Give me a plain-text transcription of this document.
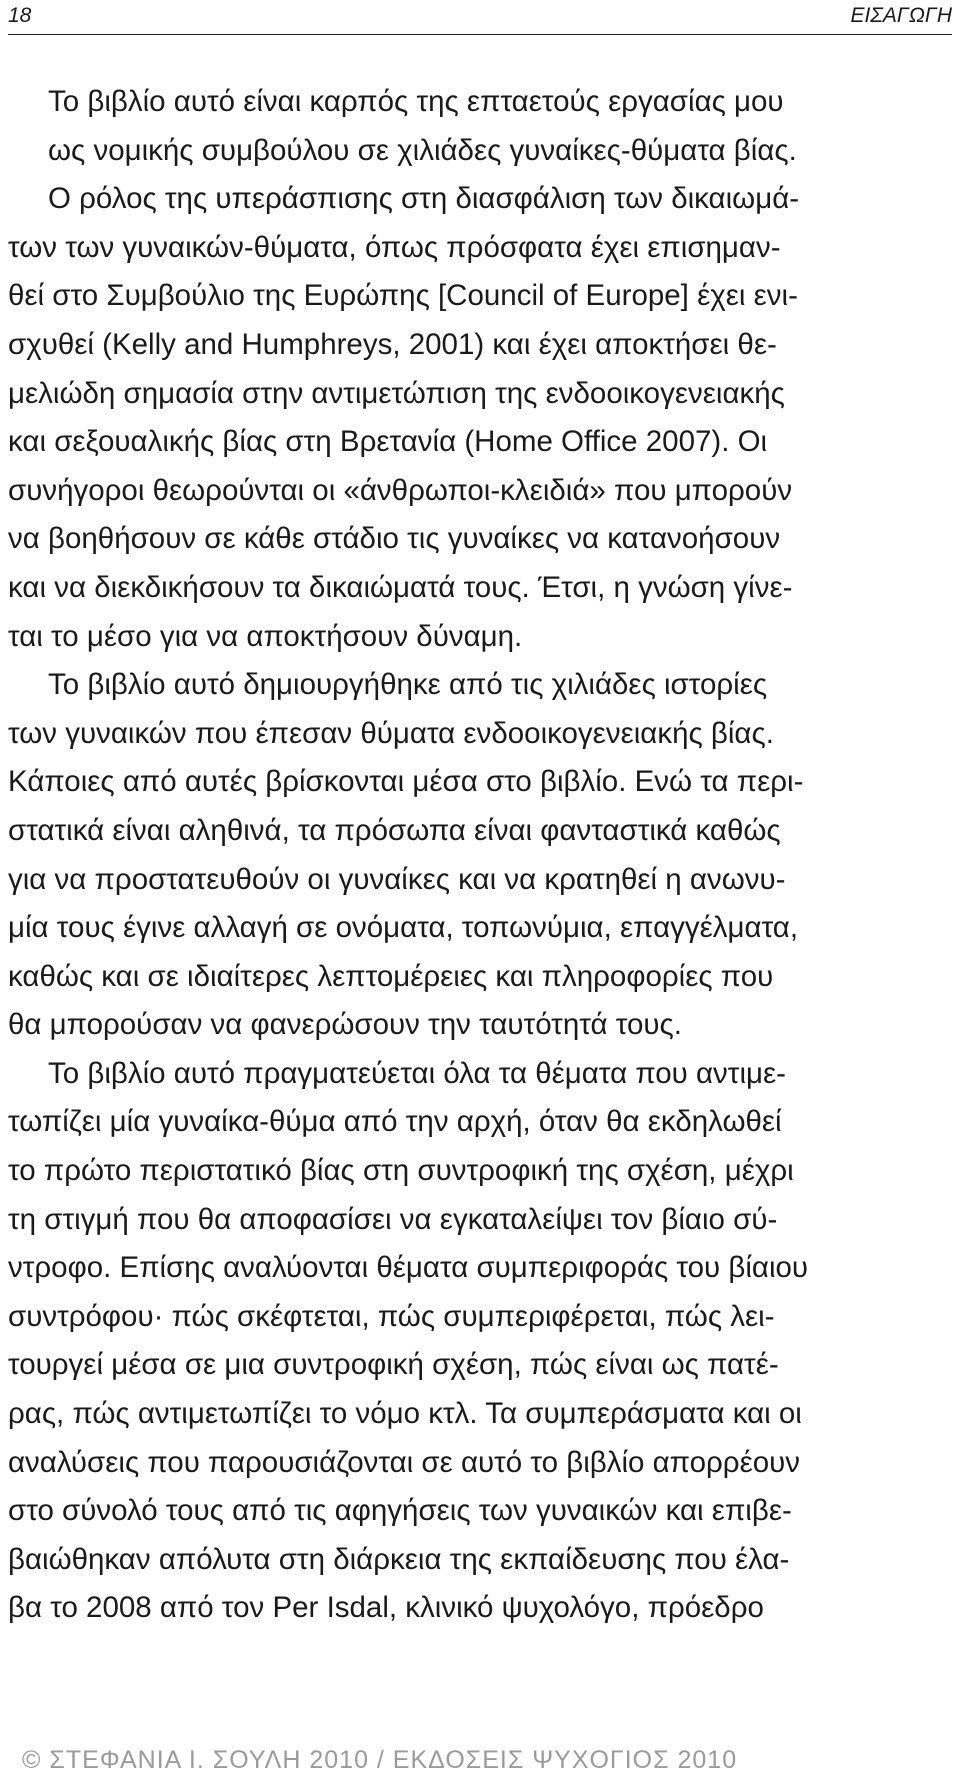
18	ΕΙΣΑΓΩΓΗ
Το βιβλίο αυτό είναι καρπός της επταετούς εργασίας μου
ως νομικής συμβούλου σε χιλιάδες γυναίκες-θύματα βίας.
Ο ρόλος της υπεράσπισης στη διασφάλιση των δικαιωμά-
των των γυναικών-θύματα, όπως πρόσφατα έχει επισημαν-
θεί στο Συμβούλιο της Ευρώπης [Council of Europe] έχει ενι-
σχυθεί (Kelly and Humphreys, 2001) και έχει αποκτήσει θε-
μελιώδη σημασία στην αντιμετώπιση της ενδοοικογενειακής
και σεξουαλικής βίας στη Βρετανία (Home Office 2007). Οι
συνήγοροι θεωρούνται οι «άνθρωποι-κλειδιά» που μπορούν
να βοηθήσουν σε κάθε στάδιο τις γυναίκες να κατανοήσουν
και να διεκδικήσουν τα δικαιώματά τους. Έτσι, η γνώση γίνε-
ται το μέσο για να αποκτήσουν δύναμη.
Το βιβλίο αυτό δημιουργήθηκε από τις χιλιάδες ιστορίες
των γυναικών που έπεσαν θύματα ενδοοικογενειακής βίας.
Κάποιες από αυτές βρίσκονται μέσα στο βιβλίο. Ενώ τα περι-
στατικά είναι αληθινά, τα πρόσωπα είναι φανταστικά καθώς
για να προστατευθούν οι γυναίκες και να κρατηθεί η ανωνυ-
μία τους έγινε αλλαγή σε ονόματα, τοπωνύμια, επαγγέλματα,
καθώς και σε ιδιαίτερες λεπτομέρειες και πληροφορίες που
θα μπορούσαν να φανερώσουν την ταυτότητά τους.
Το βιβλίο αυτό πραγματεύεται όλα τα θέματα που αντιμε-
τωπίζει μία γυναίκα-θύμα από την αρχή, όταν θα εκδηλωθεί
το πρώτο περιστατικό βίας στη συντροφική της σχέση, μέχρι
τη στιγμή που θα αποφασίσει να εγκαταλείψει τον βίαιο σύ-
ντροφο. Επίσης αναλύονται θέματα συμπεριφοράς του βίαιου
συντρόφου· πώς σκέφτεται, πώς συμπεριφέρεται, πώς λει-
τουργεί μέσα σε μια συντροφική σχέση, πώς είναι ως πατέ-
ρας, πώς αντιμετωπίζει το νόμο κτλ. Τα συμπεράσματα και οι
αναλύσεις που παρουσιάζονται σε αυτό το βιβλίο απορρέουν
στο σύνολό τους από τις αφηγήσεις των γυναικών και επιβε-
βαιώθηκαν απόλυτα στη διάρκεια της εκπαίδευσης που έλα-
βα το 2008 από τον Per Isdal, κλινικό ψυχολόγο, πρόεδρο
© ΣΤΕΦΑΝΙΑ Ι. ΣΟΥΛΗ 2010 / ΕΚΔΟΣΕΙΣ ΨΥΧΟΓΙΟΣ 2010
